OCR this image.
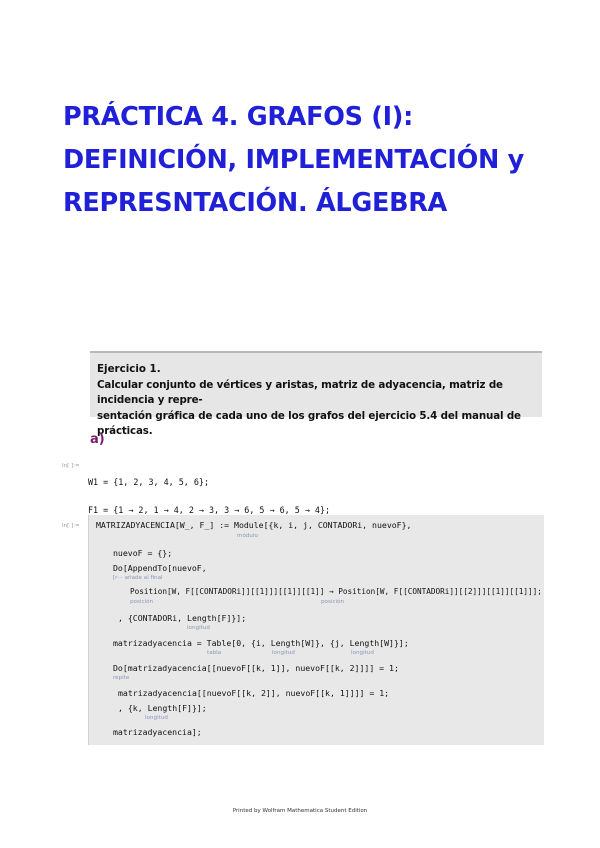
PRÁCTICA 4. GRAFOS (I):
DEFINICIÓN, IMPLEMENTACIÓN y
REPRESNTACIÓN. ÁLGEBRA
Ejercicio 1.
Calcular conjunto de vértices y aristas, matriz de adyacencia, matriz de incidencia y repre-
sentación gráfica de cada uno de los grafos del ejercicio 5.4 del manual de prácticas.
a)
In[ ]:=

W1 = {1, 2, 3, 4, 5, 6};

F1 = {1 → 2, 1 → 4, 2 → 3, 3 → 6, 5 → 6, 5 → 4};

In[ ]:= MATRIZADYACENCIA[W_, F_] := Module[{k, i, j, CONTADORi, nuevoF},
módulo
nuevoF = {};
Do[AppendTo[nuevoF,
[r··· añade al final
Position[W, F[[CONTADORi]][[1]]][[1]][[1]] → Position[W, F[[CONTADORi]][[2]]][[1]][[1]]];
posición	posición
, {CONTADORi, Length[F]}];
longitud
matrizadyacencia = Table[0, {i, Length[W]}, {j, Length[W]}];
tabla	longitud	longitud
Do[matrizadyacencia[[nuevoF[[k, 1]], nuevoF[[k, 2]]]] = 1;
repite
matrizadyacencia[[nuevoF[[k, 2]], nuevoF[[k, 1]]]] = 1;
, {k, Length[F]}];
longitud
matrizadyacencia];
Printed by Wolfram Mathematica Student Edition
